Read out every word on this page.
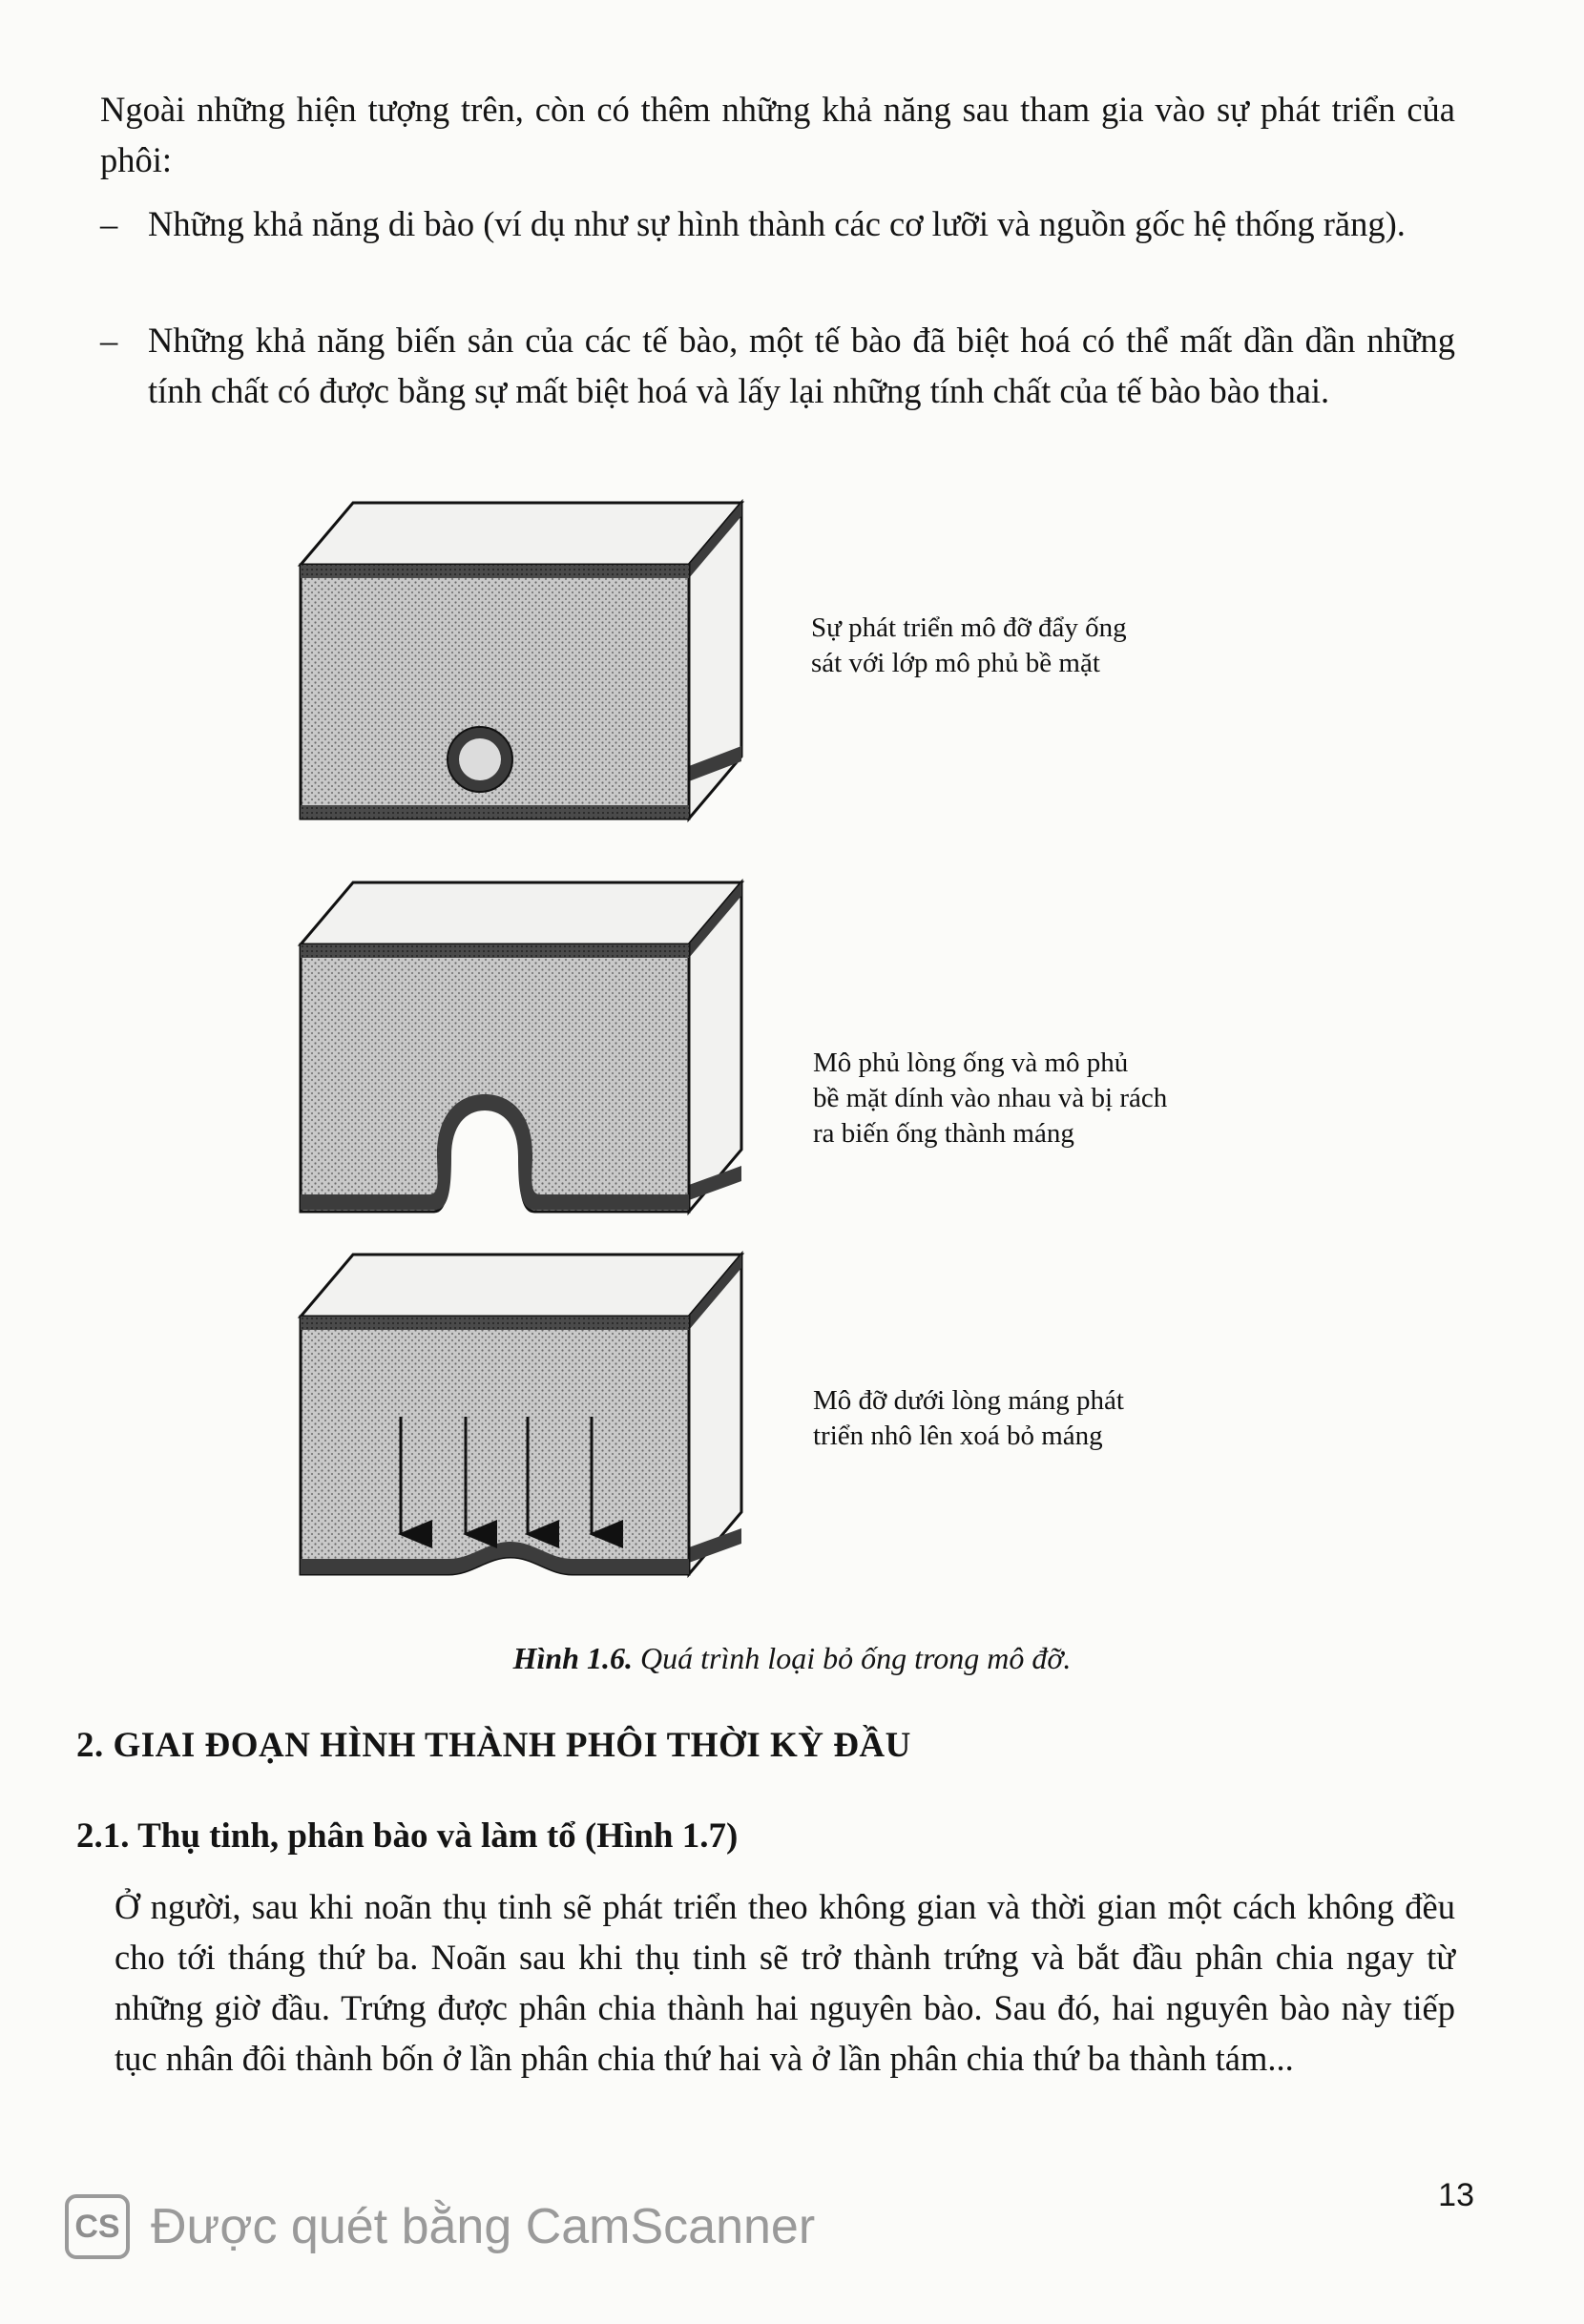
Ngoài những hiện tượng trên, còn có thêm những khả năng sau tham gia vào sự phát triển của phôi:

– Những khả năng di bào (ví dụ như sự hình thành các cơ lưỡi và nguồn gốc hệ thống răng).
– Những khả năng biến sản của các tế bào, một tế bào đã biệt hoá có thể mất dần dần những tính chất có được bằng sự mất biệt hoá và lấy lại những tính chất của tế bào bào thai.
Sự phát triển mô đỡ đẩy ống
sát với lớp mô phủ bề mặt
Mô phủ lòng ống và mô phủ
bề mặt dính vào nhau và bị rách
ra biến ống thành máng
Mô đỡ dưới lòng máng phát
triển nhô lên xoá bỏ máng
Hình 1.6. Quá trình loại bỏ ống trong mô đỡ.
2. GIAI ĐOẠN HÌNH THÀNH PHÔI THỜI KỲ ĐẦU
2.1. Thụ tinh, phân bào và làm tổ (Hình 1.7)

Ở người, sau khi noãn thụ tinh sẽ phát triển theo không gian và thời gian một cách không đều cho tới tháng thứ ba. Noãn sau khi thụ tinh sẽ trở thành trứng và bắt đầu phân chia ngay từ những giờ đầu. Trứng được phân chia thành hai nguyên bào. Sau đó, hai nguyên bào này tiếp tục nhân đôi thành bốn ở lần phân chia thứ hai và ở lần phân chia thứ ba thành tám...

13
CS Được quét bằng CamScanner
